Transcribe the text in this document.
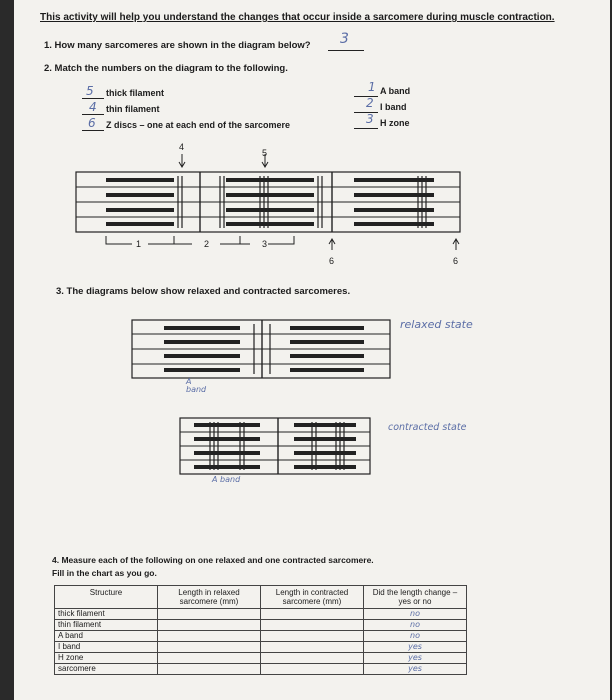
This activity will help you understand the changes that occur inside a sarcomere during muscle contraction.
1. How many sarcomeres are shown in the diagram below? 3
2. Match the numbers on the diagram to the following.
5 thick filament
4 thin filament
6 Z discs – one at each end of the sarcomere
1 A band
2 I band
3 H zone
4
5
1	2	3
6	6
3. The diagrams below show relaxed and contracted sarcomeres.
relaxed state
A
band
contracted state
A band
4. Measure each of the following on one relaxed and one contracted sarcomere.
Fill in the chart as you go.
Structure	Length in relaxed sarcomere (mm)	Length in contracted sarcomere (mm)	Did the length change – yes or no
thick filament			no
thin filament			no
A band			no
I band			yes
H zone			yes
sarcomere			yes
